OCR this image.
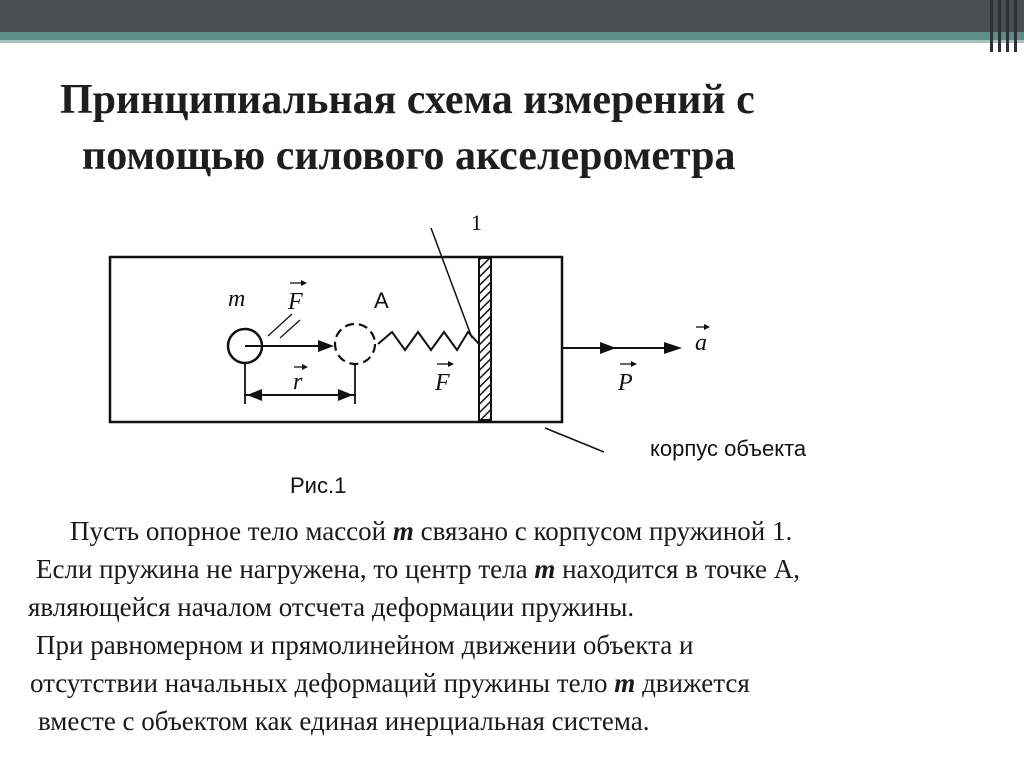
Принципиальная схема измерений с
помощью силового акселерометра
1
m F	A
r	F	P
a
корпус объекта
Рис.1

Пусть опорное тело массой m связано с корпусом пружиной 1.

Если пружина не нагружена, то центр тела m находится в точке А,

являющейся началом отсчета деформации пружины.

При равномерном и прямолинейном движении объекта и

отсутствии начальных деформаций пружины тело m движется

вместе с объектом как единая инерциальная система.
